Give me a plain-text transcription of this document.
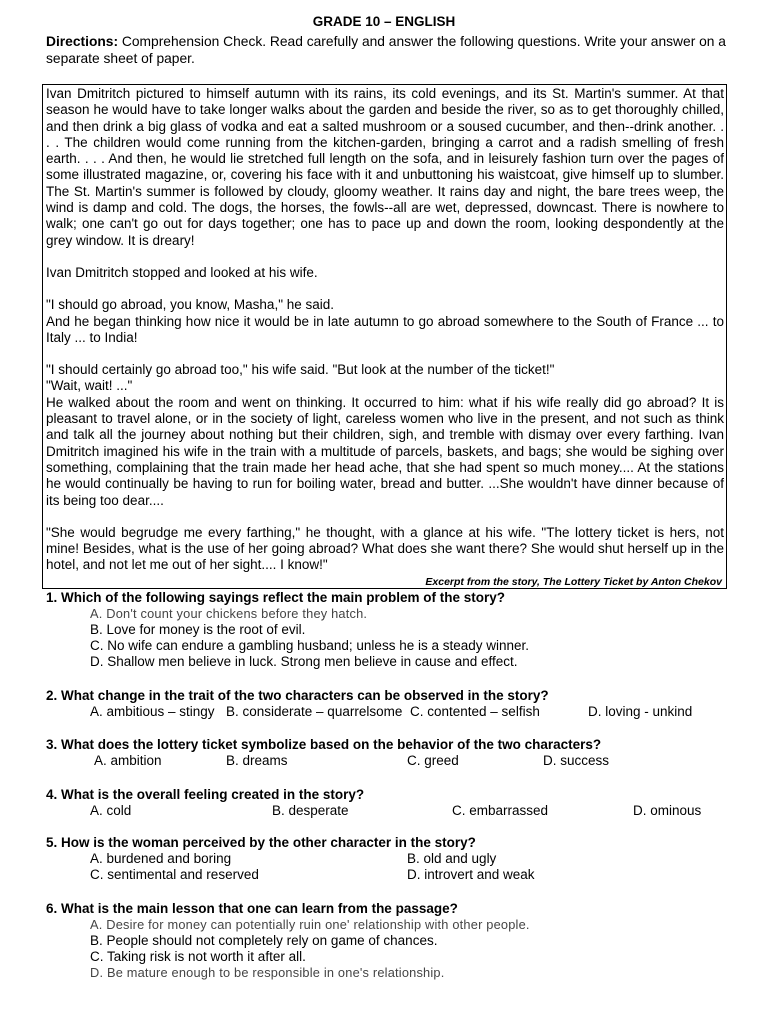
GRADE 10 – ENGLISH
Directions: Comprehension Check. Read carefully and answer the following questions. Write your answer on a separate sheet of paper.

Ivan Dmitritch pictured to himself autumn with its rains, its cold evenings, and its St. Martin's summer. At that season he would have to take longer walks about the garden and beside the river, so as to get thoroughly chilled, and then drink a big glass of vodka and eat a salted mushroom or a soused cucumber, and then--drink another. . . . The children would come running from the kitchen-garden, bringing a carrot and a radish smelling of fresh earth. . . . And then, he would lie stretched full length on the sofa, and in leisurely fashion turn over the pages of some illustrated magazine, or, covering his face with it and unbuttoning his waistcoat, give himself up to slumber. The St. Martin's summer is followed by cloudy, gloomy weather. It rains day and night, the bare trees weep, the wind is damp and cold. The dogs, the horses, the fowls--all are wet, depressed, downcast. There is nowhere to walk; one can't go out for days together; one has to pace up and down the room, looking despondently at the grey window. It is dreary!

Ivan Dmitritch stopped and looked at his wife.

"I should go abroad, you know, Masha," he said.

And he began thinking how nice it would be in late autumn to go abroad somewhere to the South of France ... to Italy ... to India!

"I should certainly go abroad too," his wife said. "But look at the number of the ticket!"

"Wait, wait! ..."

He walked about the room and went on thinking. It occurred to him: what if his wife really did go abroad? It is pleasant to travel alone, or in the society of light, careless women who live in the present, and not such as think and talk all the journey about nothing but their children, sigh, and tremble with dismay over every farthing. Ivan Dmitritch imagined his wife in the train with a multitude of parcels, baskets, and bags; she would be sighing over something, complaining that the train made her head ache, that she had spent so much money.... At the stations he would continually be having to run for boiling water, bread and butter. ...She wouldn't have dinner because of its being too dear....

"She would begrudge me every farthing," he thought, with a glance at his wife. "The lottery ticket is hers, not mine! Besides, what is the use of her going abroad? What does she want there? She would shut herself up in the hotel, and not let me out of her sight.... I know!"

Excerpt from the story, The Lottery Ticket by Anton Chekov
1. Which of the following sayings reflect the main problem of the story?
A. Don't count your chickens before they hatch.
B. Love for money is the root of evil.
C. No wife can endure a gambling husband; unless he is a steady winner.
D. Shallow men believe in luck. Strong men believe in cause and effect.
2. What change in the trait of the two characters can be observed in the story?
A. ambitious – stingy B. considerate – quarrelsome C. contented – selfish	D. loving - unkind
3. What does the lottery ticket symbolize based on the behavior of the two characters?
A. ambition	B. dreams	C. greed	D. success
4. What is the overall feeling created in the story?
A. cold	B. desperate	C. embarrassed	D. ominous
5. How is the woman perceived by the other character in the story?
A. burdened and boring	B. old and ugly
C. sentimental and reserved	D. introvert and weak
6. What is the main lesson that one can learn from the passage?
A. Desire for money can potentially ruin one' relationship with other people.
B. People should not completely rely on game of chances.
C. Taking risk is not worth it after all.
D. Be mature enough to be responsible in one's relationship.
